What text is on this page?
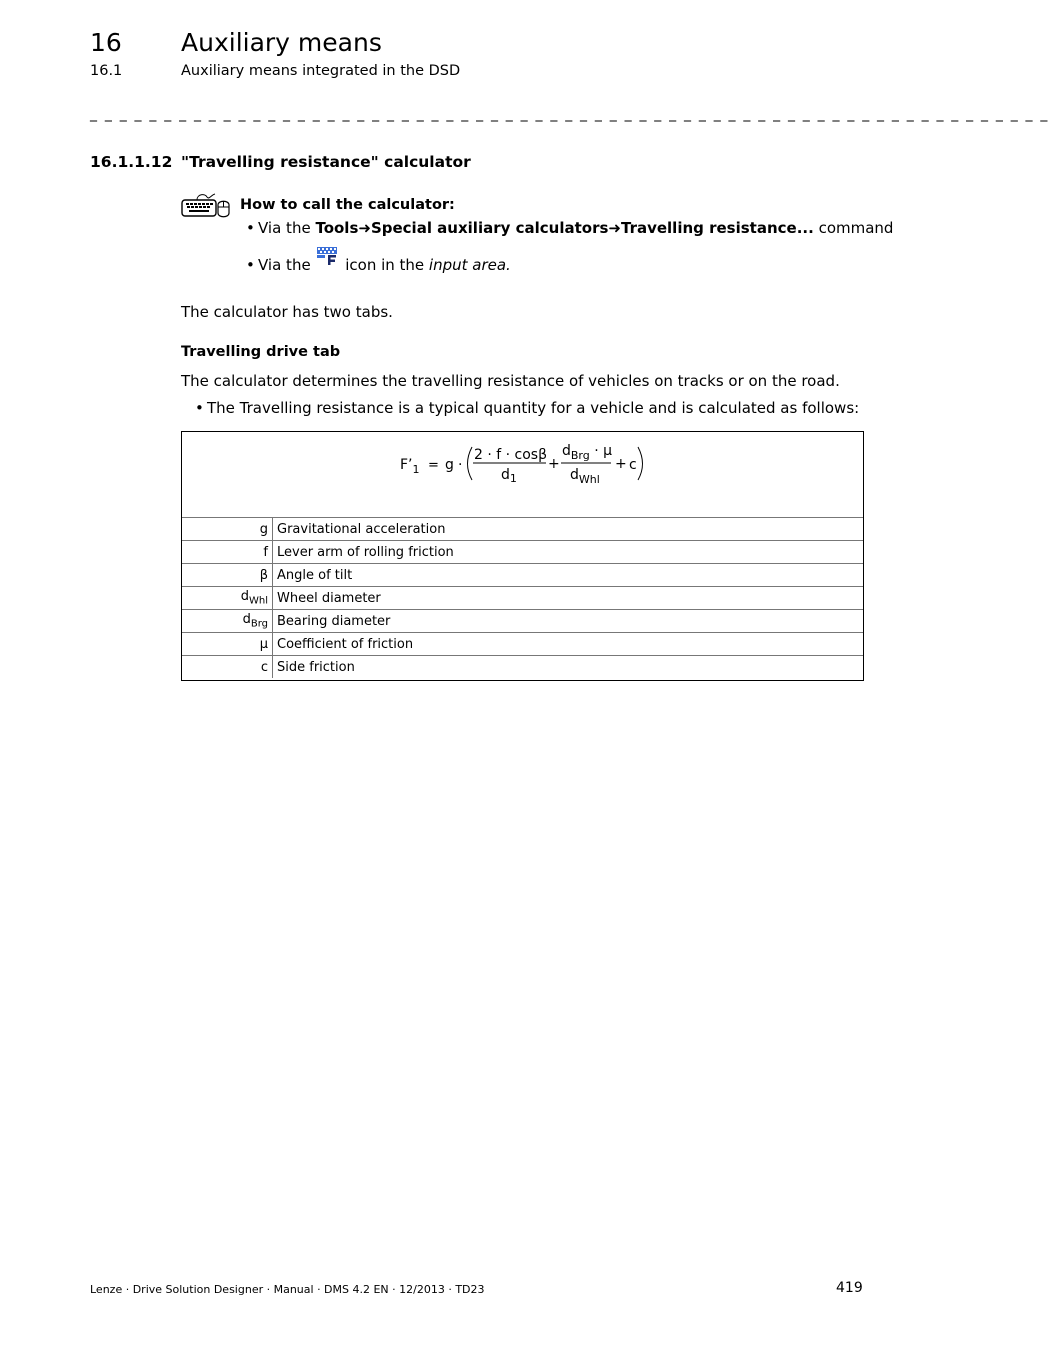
16 Auxiliary means
16.1	Auxiliary means integrated in the DSD
_ _ _ _ _ _ _ _ _ _ _ _ _ _ _ _ _ _ _ _ _ _ _ _ _ _ _ _ _ _ _ _ _ _ _ _ _ _ _ _ _ _ _ _ _ _ _ _ _ _ _ _ _ _ _ _ _ _ _ _ _ _ _ _ _
16.1.1.12 "Travelling resistance" calculator
How to call the calculator:
• Via the Tools➜Special auxiliary calculators➜Travelling resistance... command
• Via the  icon in the input area.
The calculator has two tabs.
Travelling drive tab
The calculator determines the travelling resistance of vehicles on tracks or on the road.
• The Travelling resistance is a typical quantity for a vehicle and is calculated as follows:
$F’_1 = g$ ·
2 · f · cosβ
$d_1$
+
$d_{Brg} \cdot \mu$
$d_{Whl}$
+ c
g	Gravitational acceleration
f	Lever arm of rolling friction
β	Angle of tilt
$d_{Whl}$	Wheel diameter
$d_{Brg}$	Bearing diameter
μ	Coefficient of friction
c	Side friction
Lenze · Drive Solution Designer · Manual · DMS 4.2 EN · 12/2013 · TD23	419
